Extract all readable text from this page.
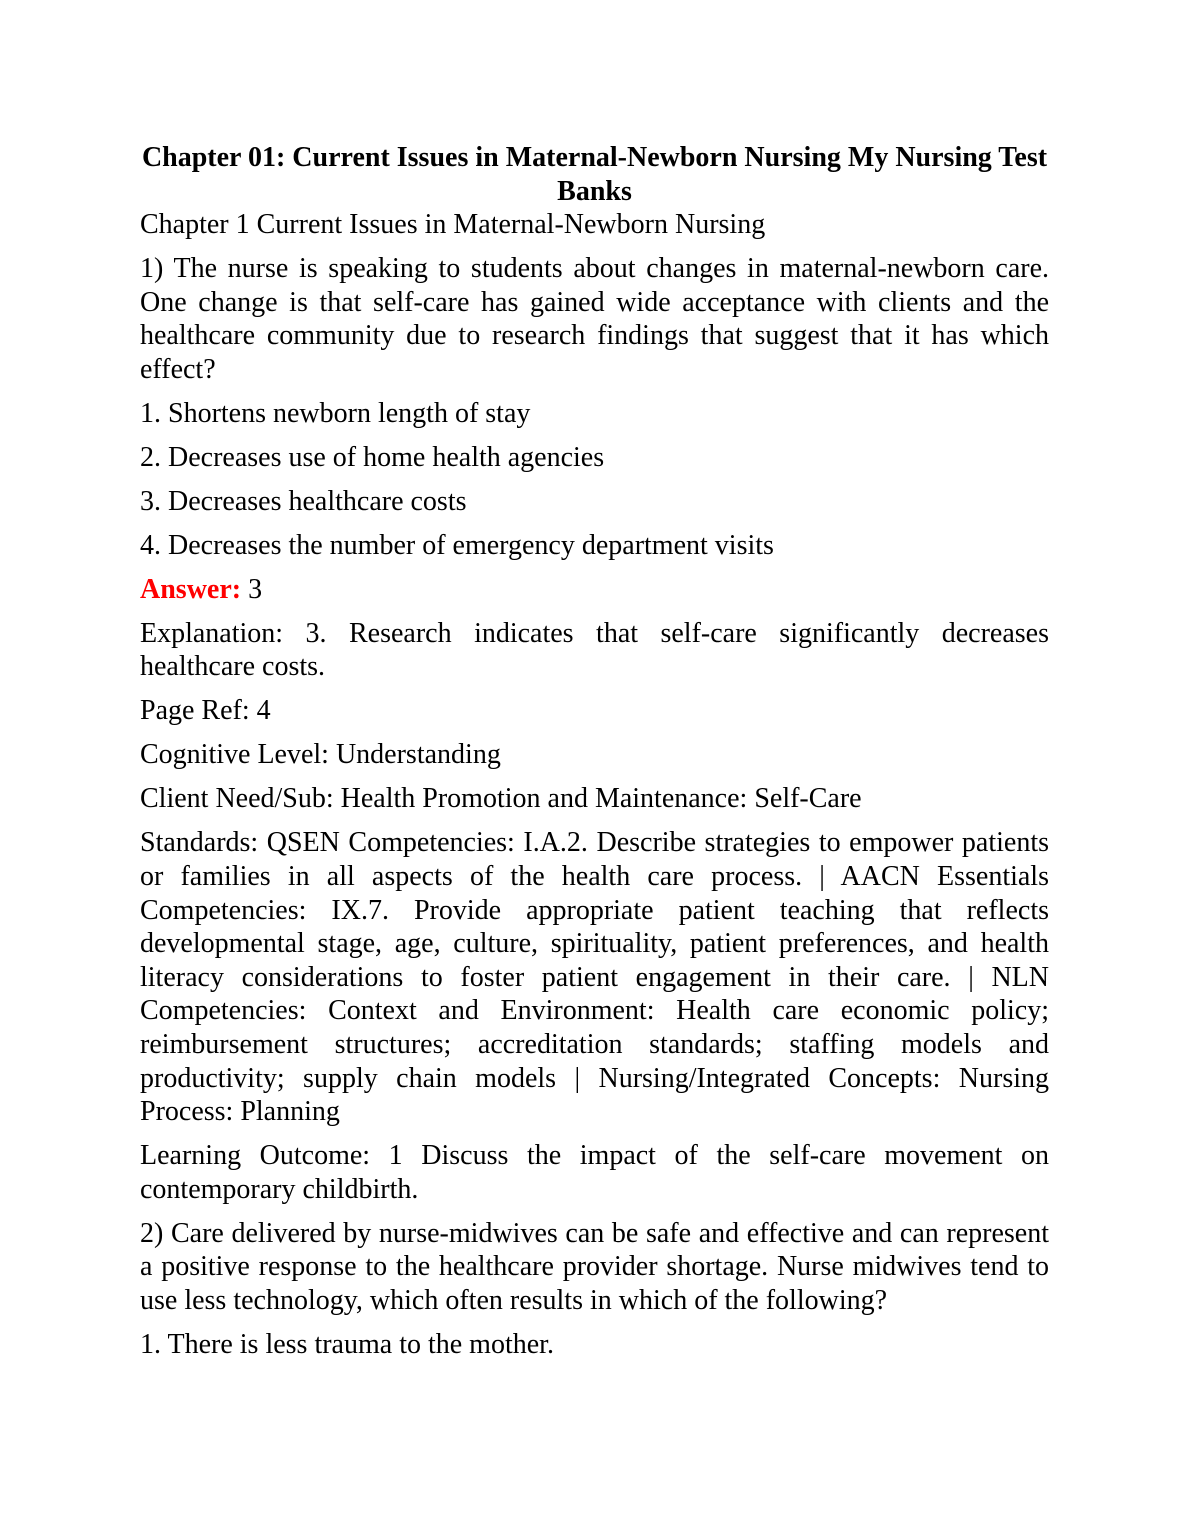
Chapter 01: Current Issues in Maternal-Newborn Nursing My Nursing Test Banks

Chapter 1 Current Issues in Maternal-Newborn Nursing

1) The nurse is speaking to students about changes in maternal-newborn care. One change is that self-care has gained wide acceptance with clients and the healthcare community due to research findings that suggest that it has which effect?

1. Shortens newborn length of stay

2. Decreases use of home health agencies

3. Decreases healthcare costs

4. Decreases the number of emergency department visits

Answer: 3

Explanation: 3. Research indicates that self-care significantly decreases healthcare costs.

Page Ref: 4

Cognitive Level: Understanding

Client Need/Sub: Health Promotion and Maintenance: Self-Care

Standards: QSEN Competencies: I.A.2. Describe strategies to empower patients or families in all aspects of the health care process. | AACN Essentials Competencies: IX.7. Provide appropriate patient teaching that reflects developmental stage, age, culture, spirituality, patient preferences, and health literacy considerations to foster patient engagement in their care. | NLN Competencies: Context and Environment: Health care economic policy; reimbursement structures; accreditation standards; staffing models and productivity; supply chain models | Nursing/Integrated Concepts: Nursing Process: Planning

Learning Outcome: 1 Discuss the impact of the self-care movement on contemporary childbirth.

2) Care delivered by nurse-midwives can be safe and effective and can represent a positive response to the healthcare provider shortage. Nurse midwives tend to use less technology, which often results in which of the following?

1. There is less trauma to the mother.
